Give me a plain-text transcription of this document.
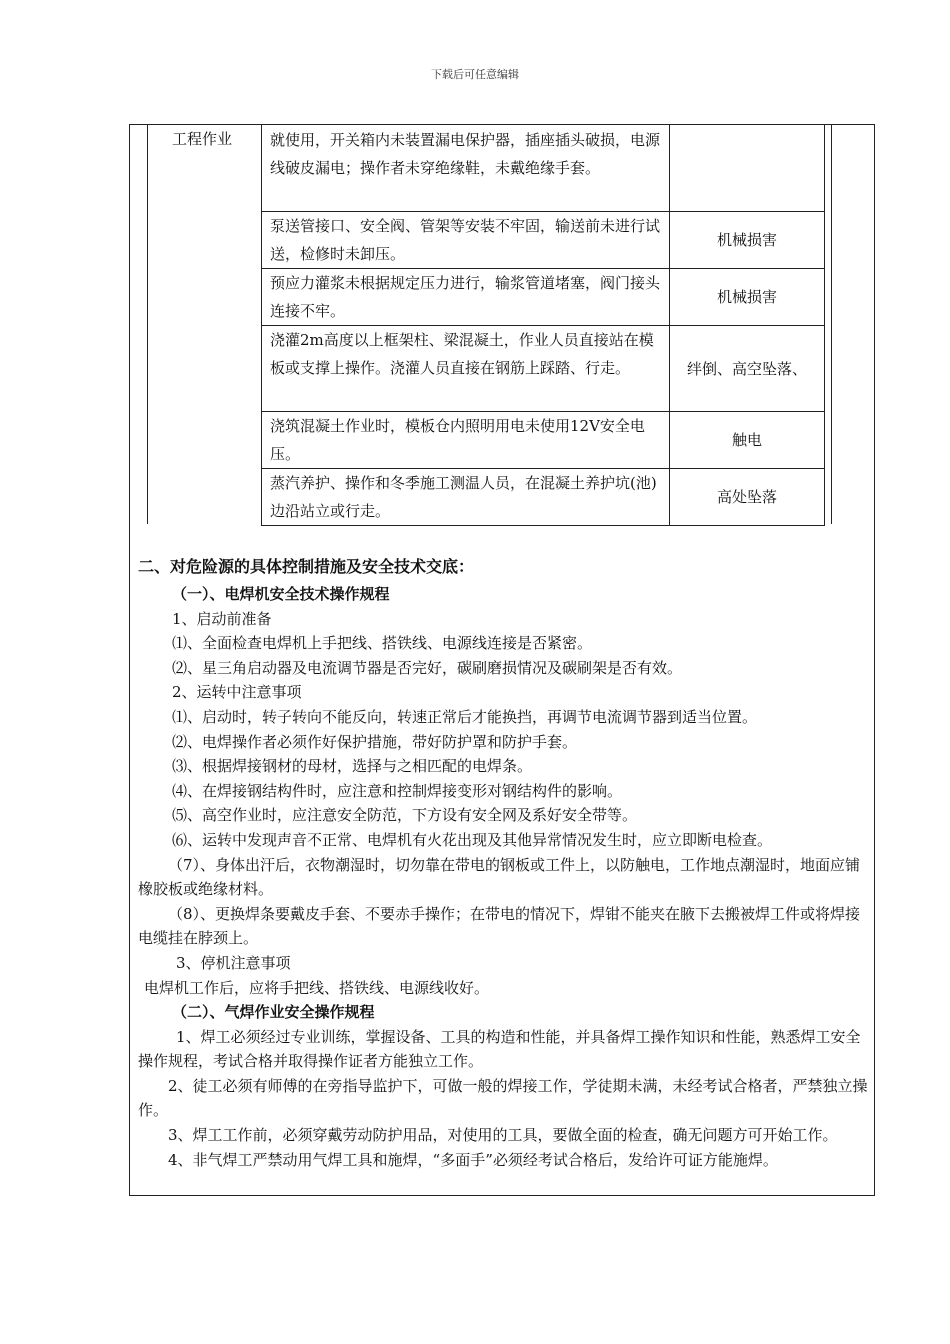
下载后可任意编辑
工程作业	就使用，开关箱内未装置漏电保护器，插座插头破损，电源线破皮漏电；操作者未穿绝缘鞋，未戴绝缘手套。	
泵送管接口、安全阀、管架等安装不牢固，输送前未进行试送，检修时未卸压。	机械损害
预应力灌浆未根据规定压力进行，输浆管道堵塞，阀门接头连接不牢。	机械损害
浇灌2m高度以上框架柱、梁混凝土，作业人员直接站在模板或支撑上操作。浇灌人员直接在钢筋上踩踏、行走。	绊倒、高空坠落、
浇筑混凝土作业时，模板仓内照明用电未使用12V安全电压。	触电
蒸汽养护、操作和冬季施工测温人员，在混凝土养护坑(池)边沿站立或行走。	高处坠落

二、对危险源的具体控制措施及安全技术交底：

（一）、电焊机安全技术操作规程

1、启动前准备

⑴、全面检查电焊机上手把线、搭铁线、电源线连接是否紧密。

⑵、星三角启动器及电流调节器是否完好，碳刷磨损情况及碳刷架是否有效。

2、运转中注意事项

⑴、启动时，转子转向不能反向，转速正常后才能换挡，再调节电流调节器到适当位置。

⑵、电焊操作者必须作好保护措施，带好防护罩和防护手套。

⑶、根据焊接钢材的母材，选择与之相匹配的电焊条。

⑷、在焊接钢结构件时，应注意和控制焊接变形对钢结构件的影响。

⑸、高空作业时，应注意安全防范，下方设有安全网及系好安全带等。

⑹、运转中发现声音不正常、电焊机有火花出现及其他异常情况发生时，应立即断电检查。

（7）、身体出汗后，衣物潮湿时，切勿靠在带电的钢板或工件上，以防触电，工作地点潮湿时，地面应铺橡胶板或绝缘材料。

（8）、更换焊条要戴皮手套、不要赤手操作；在带电的情况下，焊钳不能夹在腋下去搬被焊工件或将焊接电缆挂在脖颈上。

3、停机注意事项

电焊机工作后，应将手把线、搭铁线、电源线收好。

（二）、气焊作业安全操作规程

1、焊工必须经过专业训练，掌握设备、工具的构造和性能，并具备焊工操作知识和性能，熟悉焊工安全操作规程，考试合格并取得操作证者方能独立工作。

2、徒工必须有师傅的在旁指导监护下，可做一般的焊接工作，学徒期未满，未经考试合格者，严禁独立操作。

3、焊工工作前，必须穿戴劳动防护用品，对使用的工具，要做全面的检查，确无问题方可开始工作。

4、非气焊工严禁动用气焊工具和施焊，“多面手”必须经考试合格后，发给许可证方能施焊。
